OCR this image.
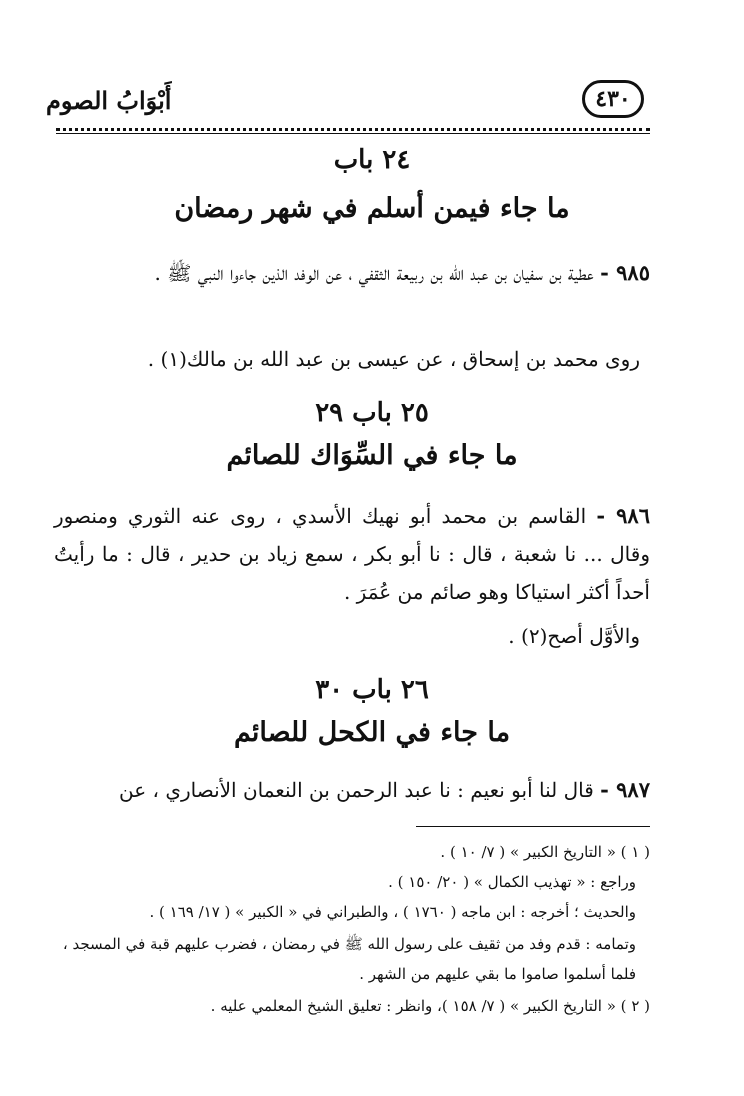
أَبْوَابُ الصوم	٤٣٠
٢٤ باب
ما جاء فيمن أسلم في شهر رمضان
٩٨٥ - عطية بن سفيان بن عبد الله بن ربيعة الثقفي ، عن الوفد الذين جاءوا النبي ﷺ .
روى محمد بن إسحاق ، عن عيسى بن عبد الله بن مالك(١) .
٢٥ باب ٢٩
ما جاء في السِّوَاك للصائم
٩٨٦ - القاسم بن محمد أبو نهيك الأسدي ، روى عنه الثوري ومنصور وقال ... نا شعبة ، قال : نا أبو بكر ، سمع زياد بن حدير ، قال : ما رأيتُ أحداً أكثر استياكا وهو صائم من عُمَرَ .
والأوَّل أصح(٢) .
٢٦ باب ٣٠
ما جاء في الكحل للصائم
٩٨٧ - قال لنا أبو نعيم : نا عبد الرحمن بن النعمان الأنصاري ، عن
( ١ ) « التاريخ الكبير » ( ٧/ ١٠ ) .
وراجع : « تهذيب الكمال » ( ٢٠/ ١٥٠ ) .
والحديث ؛ أخرجه : ابن ماجه ( ١٧٦٠ ) ، والطبراني في « الكبير » ( ١٧/ ١٦٩ ) .
وتمامه : قدم وفد من ثقيف على رسول الله ﷺ في رمضان ، فضرب عليهم قبة في المسجد ،
فلما أسلموا صاموا ما بقي عليهم من الشهر .
( ٢ ) « التاريخ الكبير » ( ٧/ ١٥٨ )، وانظر : تعليق الشيخ المعلمي عليه .
